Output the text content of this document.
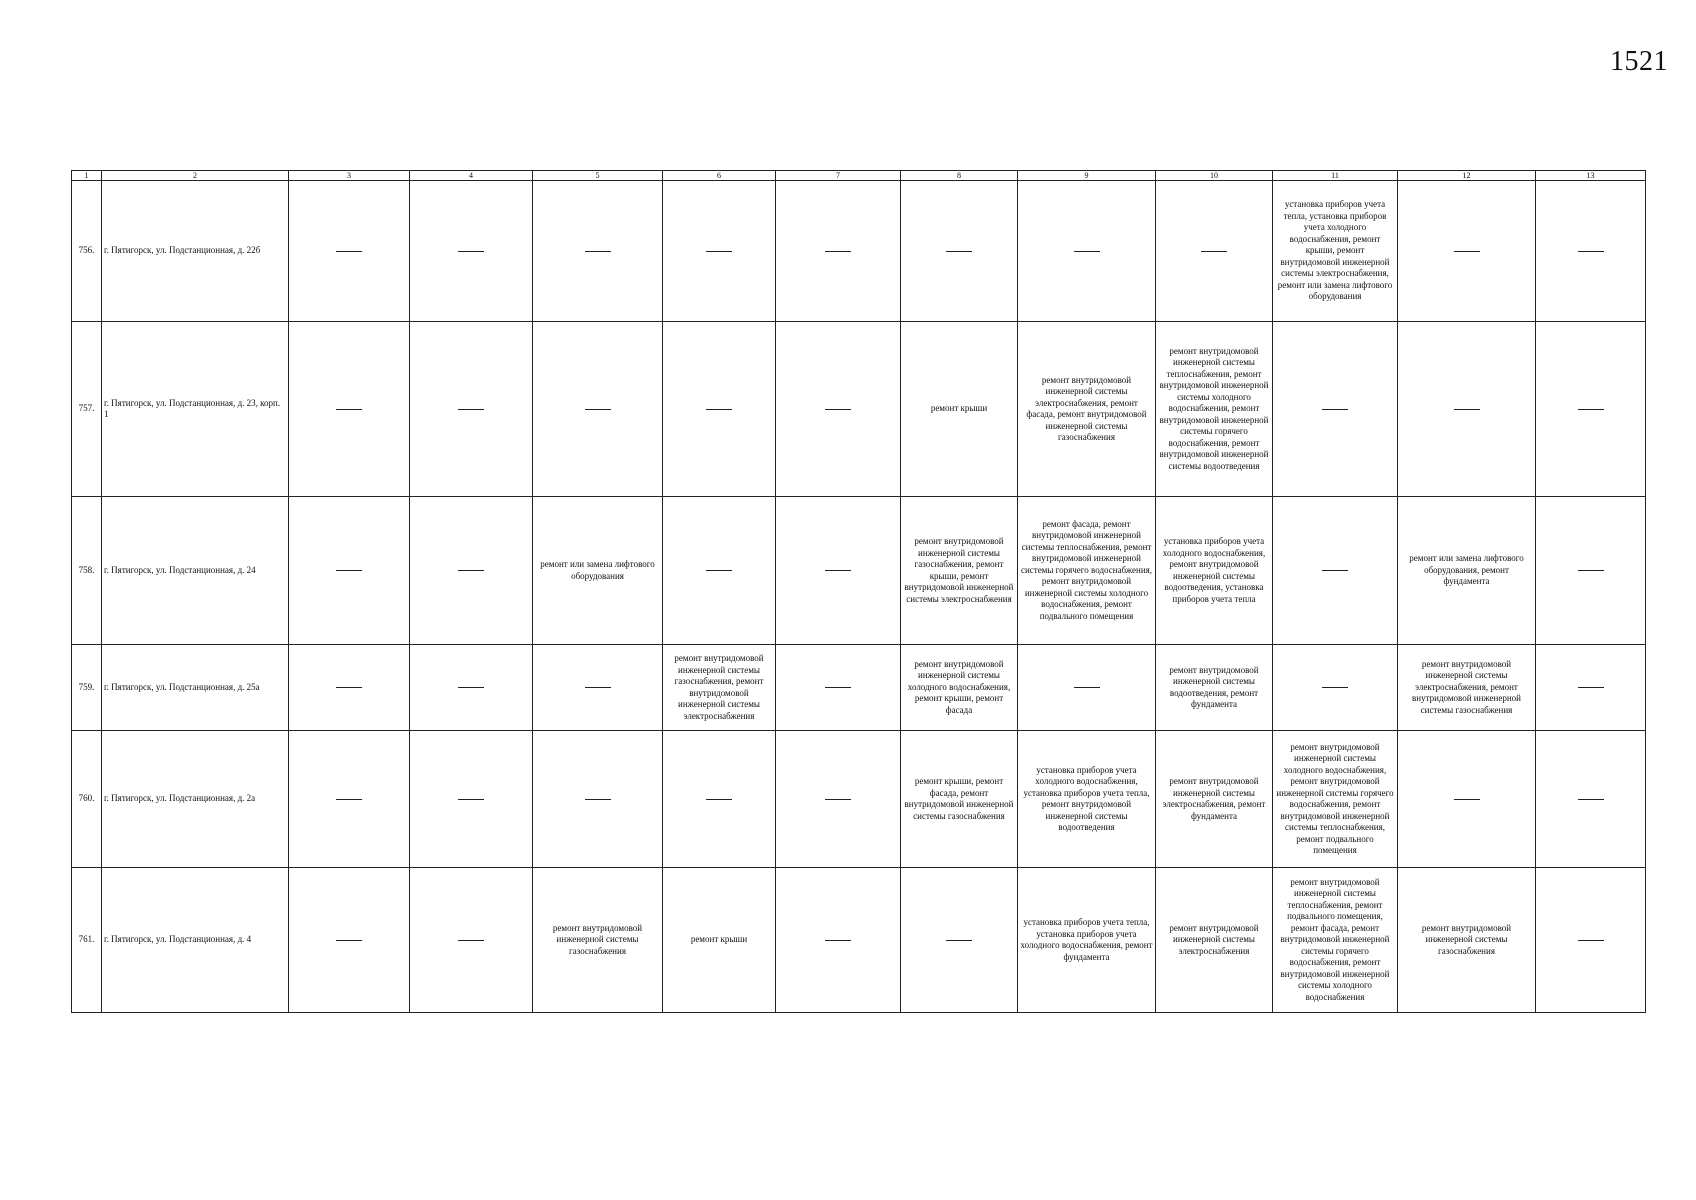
1521
1	2	3	4	5	6	7	8	9	10	11	12	13
756.	г. Пятигорск, ул. Подстанционная, д. 22б									установка приборов учета тепла, установка приборов учета холодного водоснабжения, ремонт крыши, ремонт внутридомовой инженерной системы электроснабжения, ремонт или замена лифтового оборудования		
757.	г. Пятигорск, ул. Подстанционная, д. 23, корп. 1						ремонт крыши	ремонт внутридомовой инженерной системы электроснабжения, ремонт фасада, ремонт внутридомовой инженерной системы газоснабжения	ремонт внутридомовой инженерной системы теплоснабжения, ремонт внутридомовой инженерной системы холодного водоснабжения, ремонт внутридомовой инженерной системы горячего водоснабжения, ремонт внутридомовой инженерной системы водоотведения			
758.	г. Пятигорск, ул. Подстанционная, д. 24			ремонт или замена лифтового оборудования			ремонт внутридомовой инженерной системы газоснабжения, ремонт крыши, ремонт внутридомовой инженерной системы электроснабжения	ремонт фасада, ремонт внутридомовой инженерной системы теплоснабжения, ремонт внутридомовой инженерной системы горячего водоснабжения, ремонт внутридомовой инженерной системы холодного водоснабжения, ремонт подвального помещения	установка приборов учета холодного водоснабжения, ремонт внутридомовой инженерной системы водоотведения, установка приборов учета тепла		ремонт или замена лифтового оборудования, ремонт фундамента	
759.	г. Пятигорск, ул. Подстанционная, д. 25а				ремонт внутридомовой инженерной системы газоснабжения, ремонт внутридомовой инженерной системы электроснабжения		ремонт внутридомовой инженерной системы холодного водоснабжения, ремонт крыши, ремонт фасада		ремонт внутридомовой инженерной системы водоотведения, ремонт фундамента		ремонт внутридомовой инженерной системы электроснабжения, ремонт внутридомовой инженерной системы газоснабжения	
760.	г. Пятигорск, ул. Подстанционная, д. 2а						ремонт крыши, ремонт фасада, ремонт внутридомовой инженерной системы газоснабжения	установка приборов учета холодного водоснабжения, установка приборов учета тепла, ремонт внутридомовой инженерной системы водоотведения	ремонт внутридомовой инженерной системы электроснабжения, ремонт фундамента	ремонт внутридомовой инженерной системы холодного водоснабжения, ремонт внутридомовой инженерной системы горячего водоснабжения, ремонт внутридомовой инженерной системы теплоснабжения, ремонт подвального помещения		
761.	г. Пятигорск, ул. Подстанционная, д. 4			ремонт внутридомовой инженерной системы газоснабжения	ремонт крыши			установка приборов учета тепла, установка приборов учета холодного водоснабжения, ремонт фундамента	ремонт внутридомовой инженерной системы электроснабжения	ремонт внутридомовой инженерной системы теплоснабжения, ремонт подвального помещения, ремонт фасада, ремонт внутридомовой инженерной системы горячего водоснабжения, ремонт внутридомовой инженерной системы холодного водоснабжения	ремонт внутридомовой инженерной системы газоснабжения	
